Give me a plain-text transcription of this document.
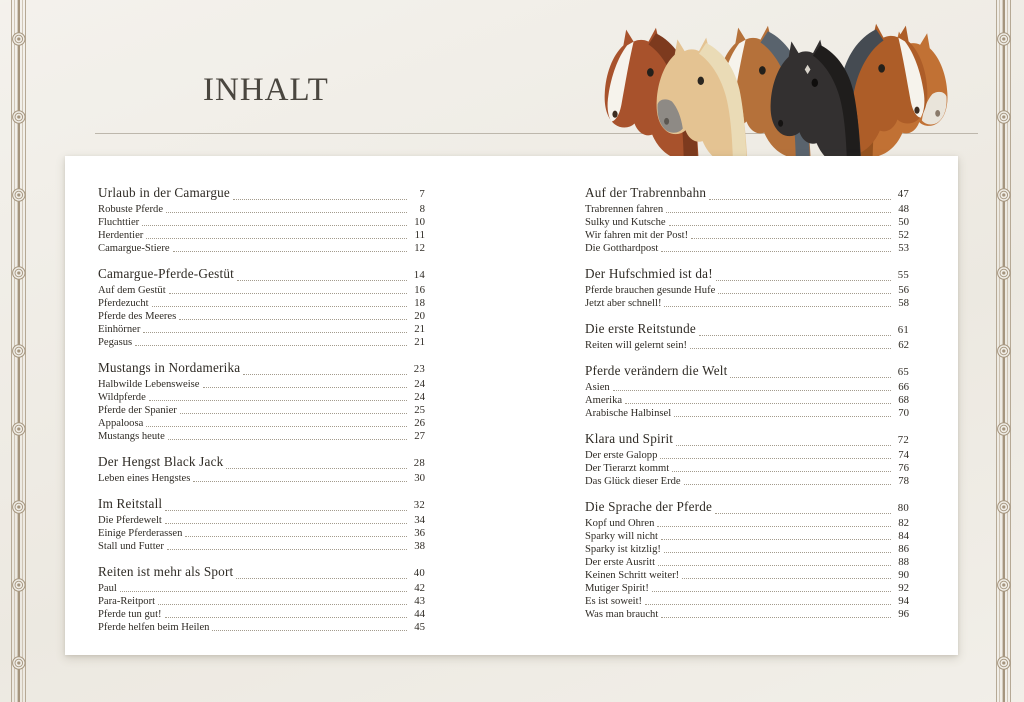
INHALT
Urlaub in der Camargue	7
Robuste Pferde	8
Fluchttier	10
Herdentier	11
Camargue-Stiere	12
Camargue-Pferde-Gestüt	14
Auf dem Gestüt	16
Pferdezucht	18
Pferde des Meeres	20
Einhörner	21
Pegasus	21
Mustangs in Nordamerika	23
Halbwilde Lebensweise	24
Wildpferde	24
Pferde der Spanier	25
Appaloosa	26
Mustangs heute	27
Der Hengst Black Jack	28
Leben eines Hengstes	30
Im Reitstall	32
Die Pferdewelt	34
Einige Pferderassen	36
Stall und Futter	38
Reiten ist mehr als Sport	40
Paul	42
Para-Reitport	43
Pferde tun gut!	44
Pferde helfen beim Heilen	45
Auf der Trabrennbahn	47
Trabrennen fahren	48
Sulky und Kutsche	50
Wir fahren mit der Post!	52
Die Gotthardpost	53
Der Hufschmied ist da!	55
Pferde brauchen gesunde Hufe	56
Jetzt aber schnell!	58
Die erste Reitstunde	61
Reiten will gelernt sein!	62
Pferde verändern die Welt	65
Asien	66
Amerika	68
Arabische Halbinsel	70
Klara und Spirit	72
Der erste Galopp	74
Der Tierarzt kommt	76
Das Glück dieser Erde	78
Die Sprache der Pferde	80
Kopf und Ohren	82
Sparky will nicht	84
Sparky ist kitzlig!	86
Der erste Ausritt	88
Keinen Schritt weiter!	90
Mutiger Spirit!	92
Es ist soweit!	94
Was man braucht	96
